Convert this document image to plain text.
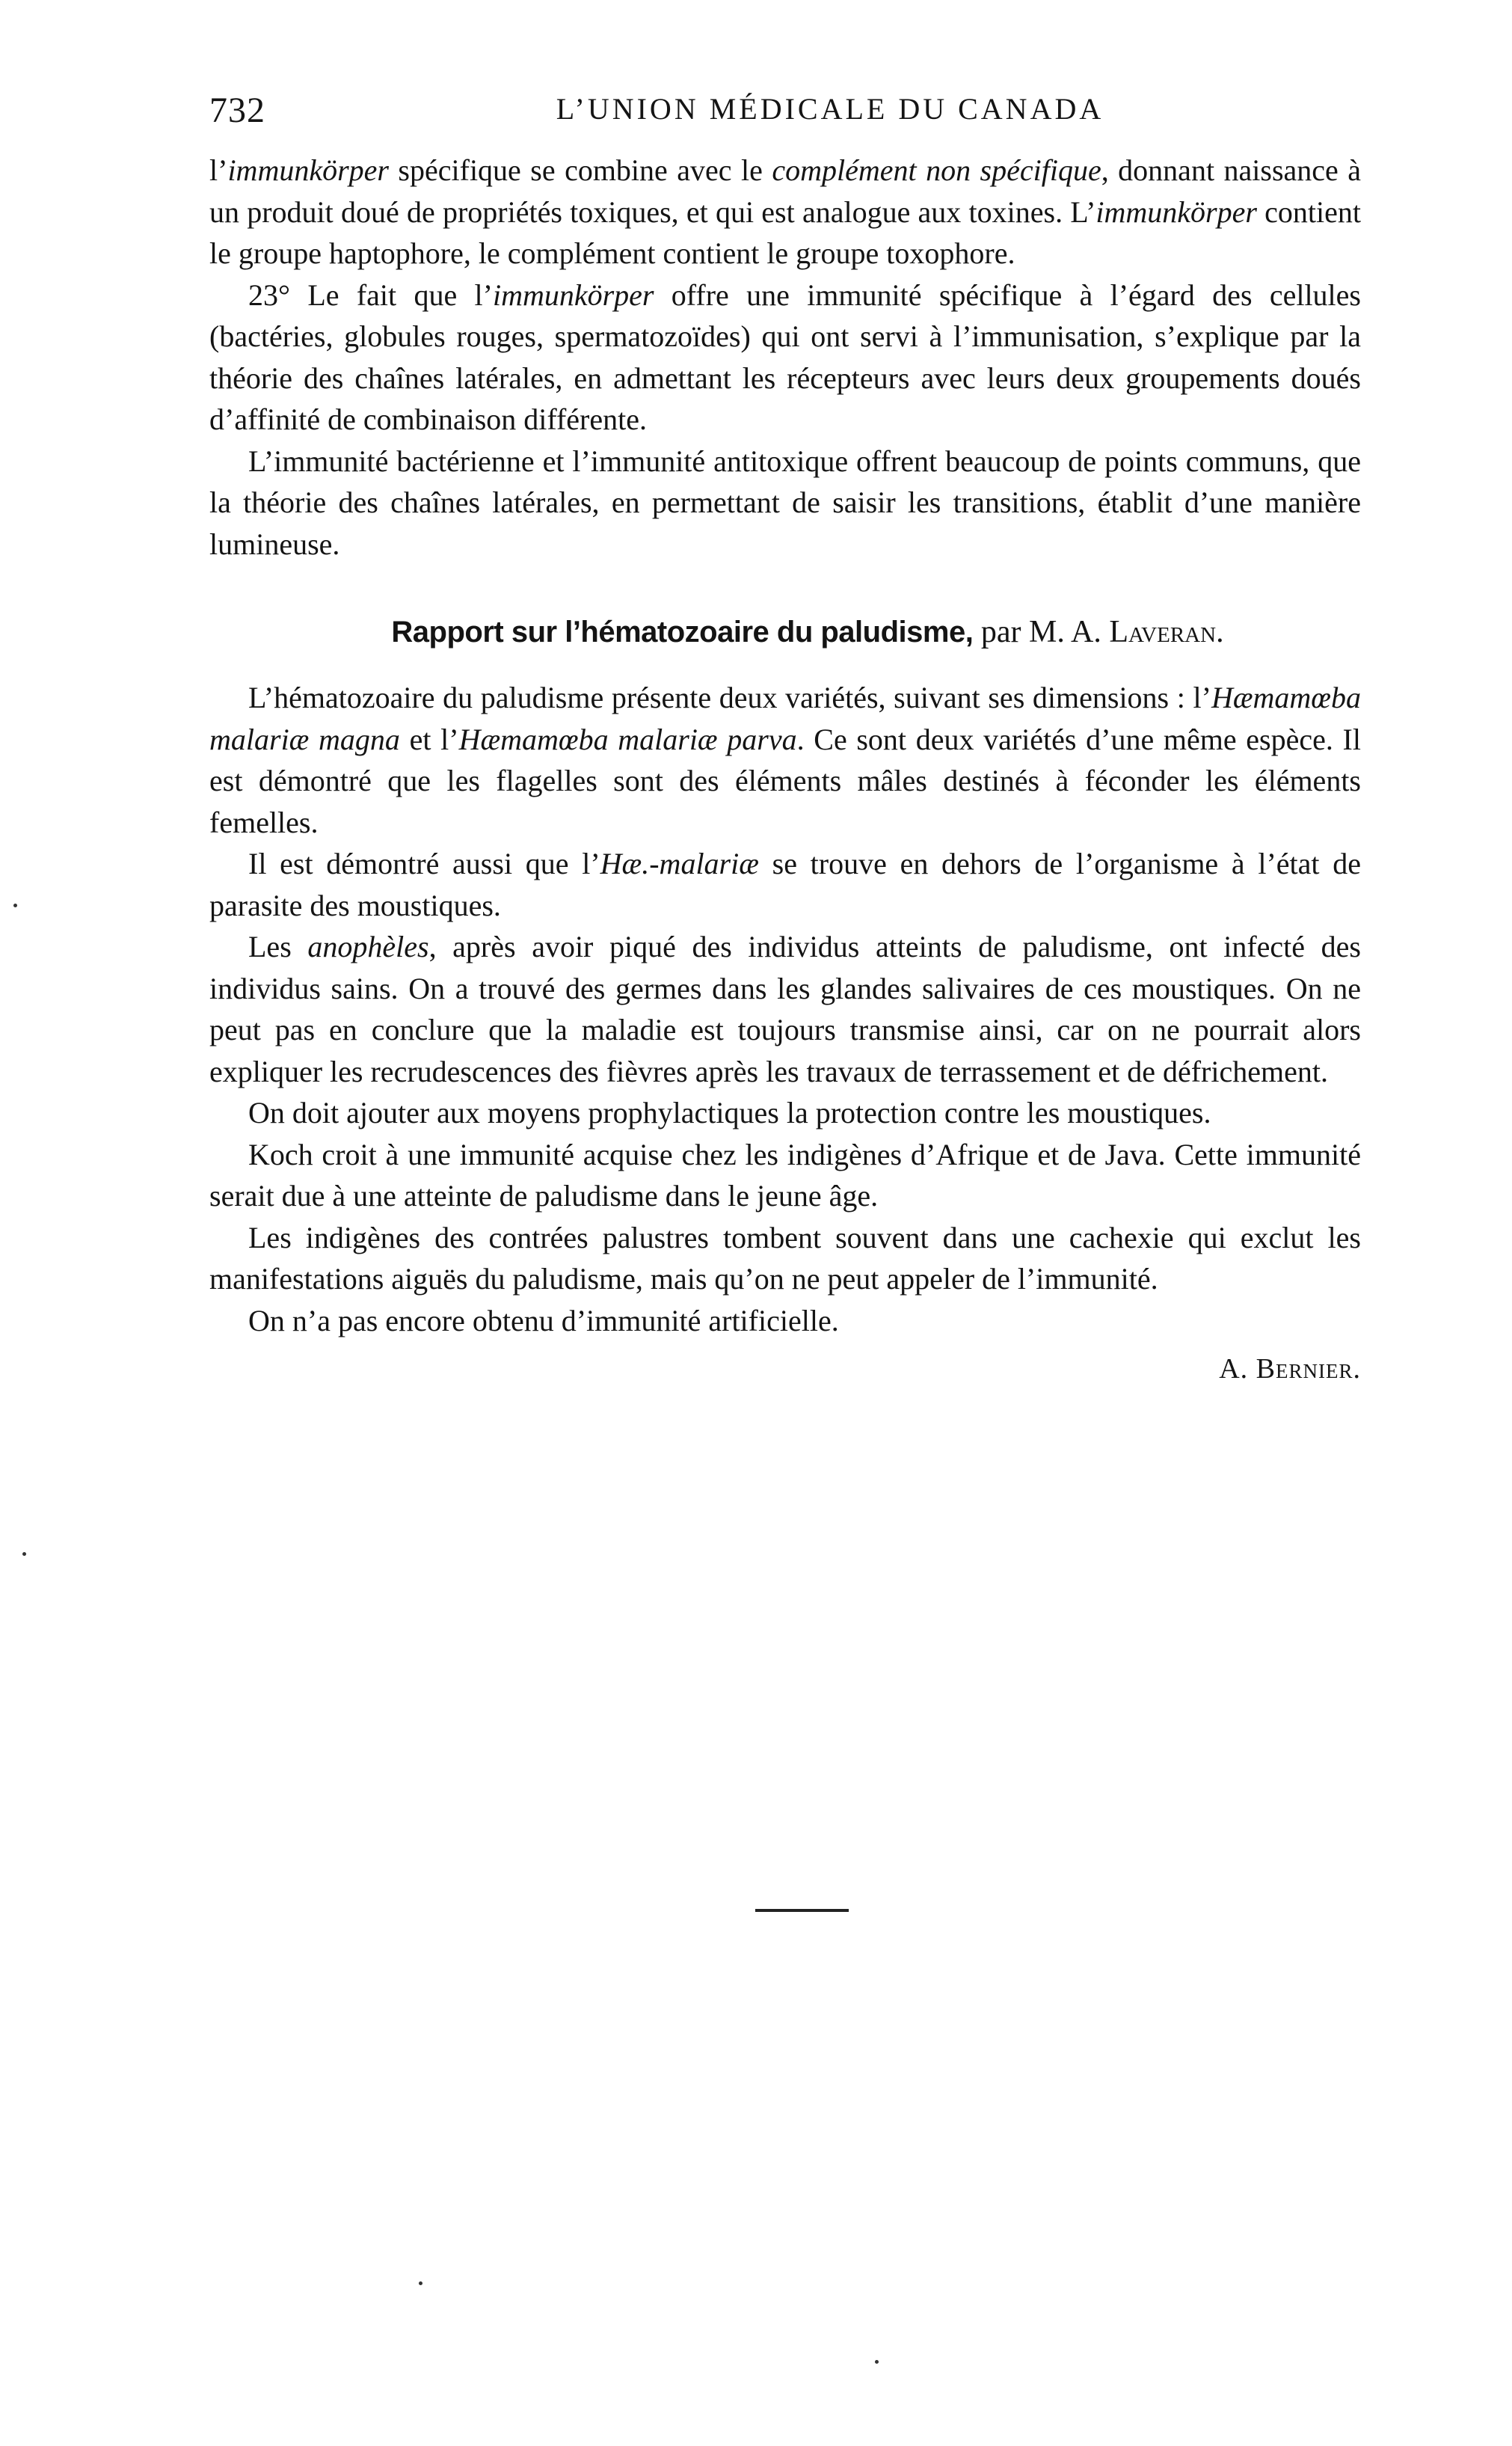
732	L’UNION MÉDICALE DU CANADA

l’immunkörper spécifique se combine avec le complément non spécifique, donnant naissance à un produit doué de propriétés toxiques, et qui est analogue aux toxines. L’immunkörper contient le groupe haptophore, le complément contient le groupe toxophore.

23° Le fait que l’immunkörper offre une immunité spécifique à l’égard des cellules (bactéries, globules rouges, spermatozoïdes) qui ont servi à l’immunisation, s’explique par la théorie des chaînes latérales, en admettant les récepteurs avec leurs deux groupements doués d’affinité de combinaison différente.

L’immunité bactérienne et l’immunité antitoxique offrent beaucoup de points communs, que la théorie des chaînes latérales, en permettant de saisir les transitions, établit d’une manière lumineuse.

Rapport sur l’hématozoaire du paludisme, par M. A. Laveran.

L’hématozoaire du paludisme présente deux variétés, suivant ses dimensions : l’Hæmamœba malariæ magna et l’Hæmamœba malariæ parva. Ce sont deux variétés d’une même espèce. Il est démontré que les flagelles sont des éléments mâles destinés à féconder les éléments femelles.

Il est démontré aussi que l’Hæ.-malariæ se trouve en dehors de l’organisme à l’état de parasite des moustiques.

Les anophèles, après avoir piqué des individus atteints de paludisme, ont infecté des individus sains. On a trouvé des germes dans les glandes salivaires de ces moustiques. On ne peut pas en conclure que la maladie est toujours transmise ainsi, car on ne pourrait alors expliquer les recrudescences des fièvres après les travaux de terrassement et de défrichement.

On doit ajouter aux moyens prophylactiques la protection contre les moustiques.

Koch croit à une immunité acquise chez les indigènes d’Afrique et de Java. Cette immunité serait due à une atteinte de paludisme dans le jeune âge.

Les indigènes des contrées palustres tombent souvent dans une cachexie qui exclut les manifestations aiguës du paludisme, mais qu’on ne peut appeler de l’immunité.

On n’a pas encore obtenu d’immunité artificielle.

A. Bernier.
